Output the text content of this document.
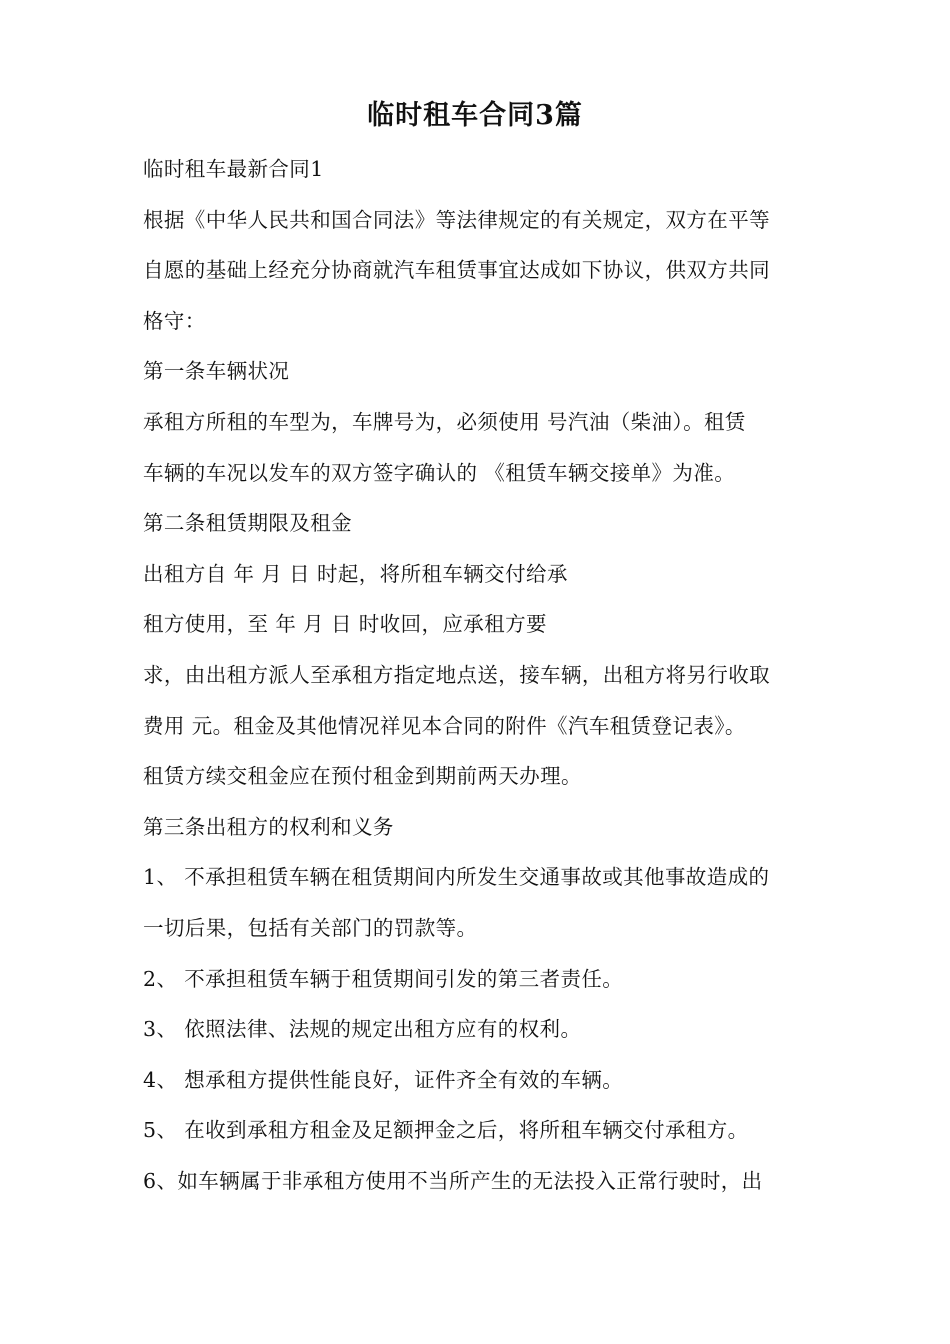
临时租车合同3篇
临时租车最新合同1
根据《中华人民共和国合同法》等法律规定的有关规定，双方在平等
自愿的基础上经充分协商就汽车租赁事宜达成如下协议，供双方共同
格守：
第一条车辆状况
承租方所租的车型为，车牌号为，必须使用 号汽油（柴油）。租赁
车辆的车况以发车的双方签字确认的 《租赁车辆交接单》为准。
第二条租赁期限及租金
出租方自 年 月 日 时起，将所租车辆交付给承
租方使用，至 年 月 日 时收回，应承租方要
求，由出租方派人至承租方指定地点送，接车辆，出租方将另行收取
费用 元。租金及其他情况祥见本合同的附件《汽车租赁登记表》。
租赁方续交租金应在预付租金到期前两天办理。
第三条出租方的权利和义务
1、 不承担租赁车辆在租赁期间内所发生交通事故或其他事故造成的
一切后果，包括有关部门的罚款等。
2、 不承担租赁车辆于租赁期间引发的第三者责任。
3、 依照法律、法规的规定出租方应有的权利。
4、 想承租方提供性能良好，证件齐全有效的车辆。
5、 在收到承租方租金及足额押金之后，将所租车辆交付承租方。
6、如车辆属于非承租方使用不当所产生的无法投入正常行驶时，出
